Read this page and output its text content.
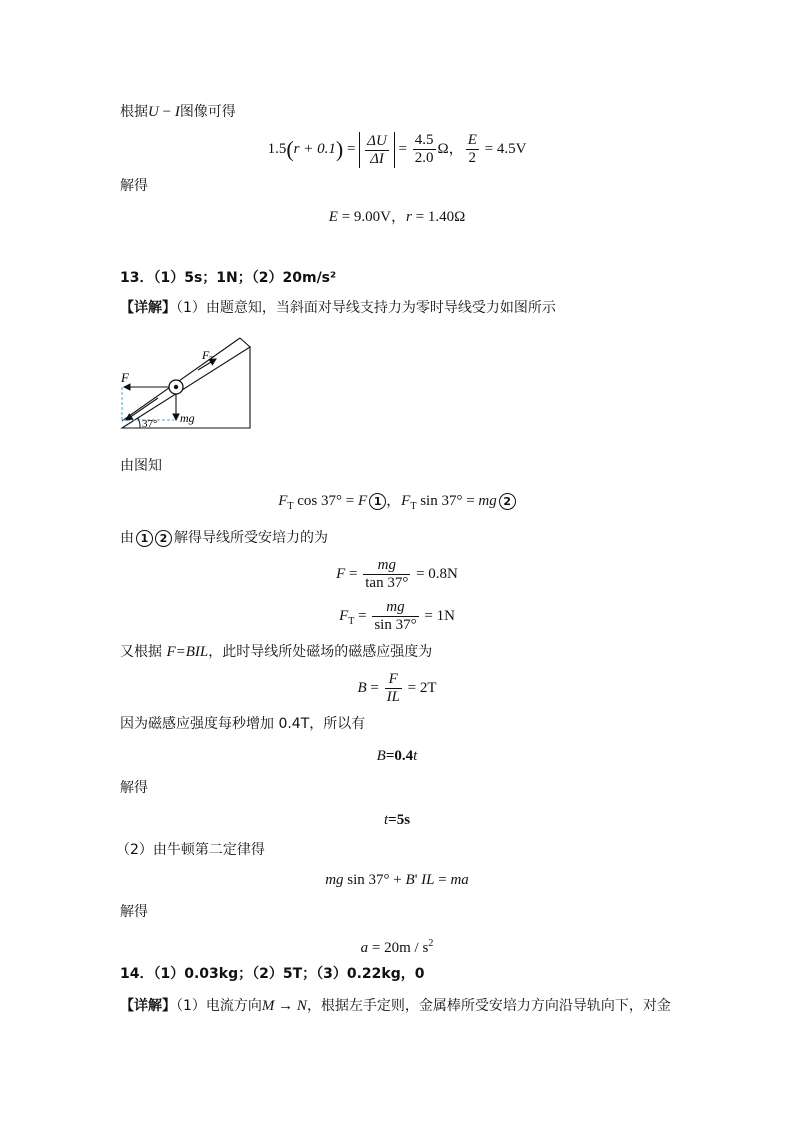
根据U − I图像可得
$1.5(r + 0.1) = \frac{\Delta U}{\Delta I} = \frac{4.5}{2.0}$ Ω， $\frac{E}{2} = 4.5V$
解得
E = 9.00V，r = 1.40Ω
13．（1）5s；1N；（2）20m/s²
【详解】（1）由题意知，当斜面对导线支持力为零时导线受力如图所示
F
$F_T$
mg
37°
由图知
$F_T$ cos 37° = F 1 ，$F_T$ sin 37° = mg 2
由 1 2 解得导线所受安培力的为
$F = \frac{mg}{\tan 37^\circ} = 0.8N$
$F_T = \frac{mg}{\sin 37^\circ} = 1N$
又根据 F=BIL，此时导线所处磁场的磁感应强度为
$B = \frac{F}{IL} = 2T$
因为磁感应强度每秒增加 0.4T，所以有
B=0.4t
解得
t=5s
（2）由牛顿第二定律得
mg sin 37° + B' IL = ma
解得
$a = 20m / s^2$
14．（1）0.03kg；（2）5T；（3）0.22kg，0
【详解】（1）电流方向M → N，根据左手定则，金属棒所受安培力方向沿导轨向下，对金
